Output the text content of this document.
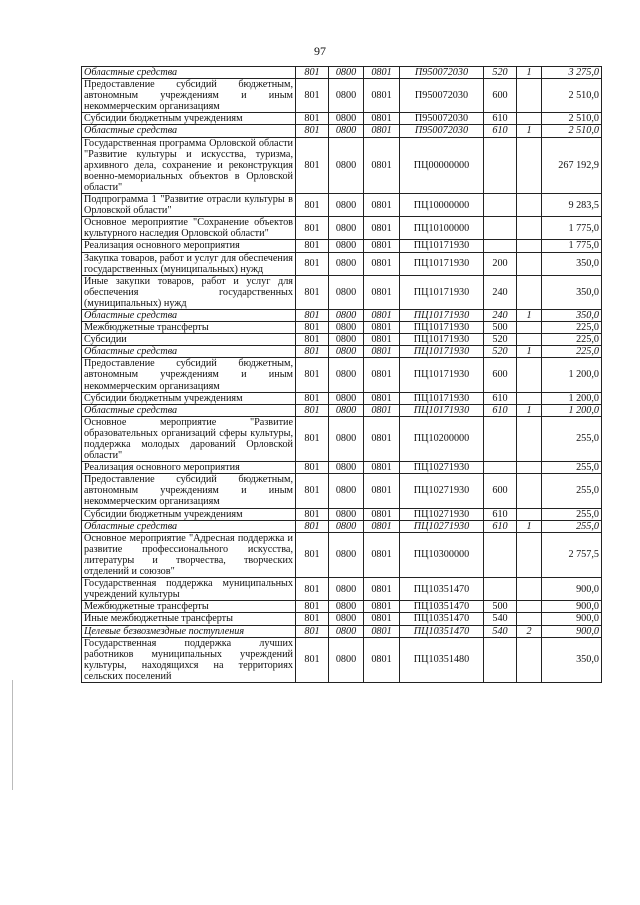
97
Областные средства	801	0800	0801	П950072030	520	1	3 275,0
Предоставление субсидий бюджетным, автономным учреждениям и иным некоммерческим организациям	801	0800	0801	П950072030	600		2 510,0
Субсидии бюджетным учреждениям	801	0800	0801	П950072030	610		2 510,0
Областные средства	801	0800	0801	П950072030	610	1	2 510,0
Государственная программа Орловской области "Развитие культуры и искусства, туризма, архивного дела, сохранение и реконструкция военно-мемориальных объектов в Орловской области"	801	0800	0801	ПЦ00000000			267 192,9
Подпрограмма 1 "Развитие отрасли культуры в Орловской области"	801	0800	0801	ПЦ10000000			9 283,5
Основное мероприятие "Сохранение объектов культурного наследия Орловской области"	801	0800	0801	ПЦ10100000			1 775,0
Реализация основного мероприятия	801	0800	0801	ПЦ10171930			1 775,0
Закупка товаров, работ и услуг для обеспечения государственных (муниципальных) нужд	801	0800	0801	ПЦ10171930	200		350,0
Иные закупки товаров, работ и услуг для обеспечения государственных (муниципальных) нужд	801	0800	0801	ПЦ10171930	240		350,0
Областные средства	801	0800	0801	ПЦ10171930	240	1	350,0
Межбюджетные трансферты	801	0800	0801	ПЦ10171930	500		225,0
Субсидии	801	0800	0801	ПЦ10171930	520		225,0
Областные средства	801	0800	0801	ПЦ10171930	520	1	225,0
Предоставление субсидий бюджетным, автономным учреждениям и иным некоммерческим организациям	801	0800	0801	ПЦ10171930	600		1 200,0
Субсидии бюджетным учреждениям	801	0800	0801	ПЦ10171930	610		1 200,0
Областные средства	801	0800	0801	ПЦ10171930	610	1	1 200,0
Основное мероприятие "Развитие образовательных организаций сферы культуры, поддержка молодых дарований Орловской области"	801	0800	0801	ПЦ10200000			255,0
Реализация основного мероприятия	801	0800	0801	ПЦ10271930			255,0
Предоставление субсидий бюджетным, автономным учреждениям и иным некоммерческим организациям	801	0800	0801	ПЦ10271930	600		255,0
Субсидии бюджетным учреждениям	801	0800	0801	ПЦ10271930	610		255,0
Областные средства	801	0800	0801	ПЦ10271930	610	1	255,0
Основное мероприятие "Адресная поддержка и развитие профессионального искусства, литературы и творчества, творческих отделений и союзов"	801	0800	0801	ПЦ10300000			2 757,5
Государственная поддержка муниципальных учреждений культуры	801	0800	0801	ПЦ10351470			900,0
Межбюджетные трансферты	801	0800	0801	ПЦ10351470	500		900,0
Иные межбюджетные трансферты	801	0800	0801	ПЦ10351470	540		900,0
Целевые безвозмездные поступления	801	0800	0801	ПЦ10351470	540	2	900,0
Государственная поддержка лучших работников муниципальных учреждений культуры, находящихся на территориях сельских поселений	801	0800	0801	ПЦ10351480			350,0
